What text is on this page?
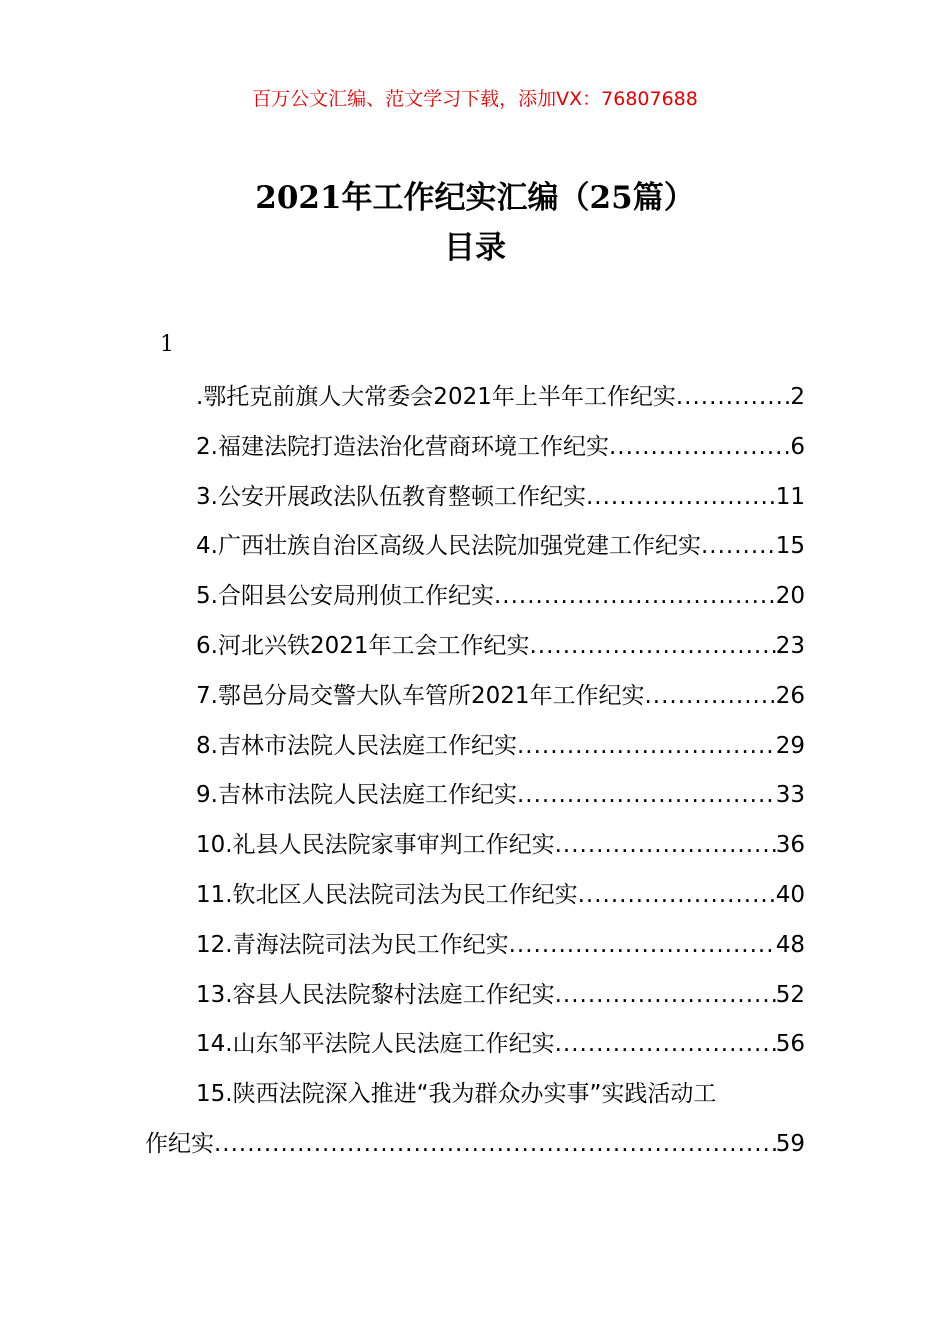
百万公文汇编、范文学习下载，添加VX：76807688
2021年工作纪实汇编（25篇）
目录
1
.鄂托克前旗人大常委会2021年上半年工作纪实 .....	2
2.福建法院打造法治化营商环境工作纪实 .....	6
3.公安开展政法队伍教育整顿工作纪实 .....	11
4.广西壮族自治区高级人民法院加强党建工作纪实 .....	15
5.合阳县公安局刑侦工作纪实 .....	20
6.河北兴铁2021年工会工作纪实 .....	23
7.鄠邑分局交警大队车管所2021年工作纪实 .....	26
8.吉林市法院人民法庭工作纪实 .....	29
9.吉林市法院人民法庭工作纪实 .....	33
10.礼县人民法院家事审判工作纪实 .....	36
11.钦北区人民法院司法为民工作纪实 .....	40
12.青海法院司法为民工作纪实 .....	48
13.容县人民法院黎村法庭工作纪实 .....	52
14.山东邹平法院人民法庭工作纪实 .....	56
15.陕西法院深入推进“我为群众办实事”实践活动工
作纪实 .....	59
